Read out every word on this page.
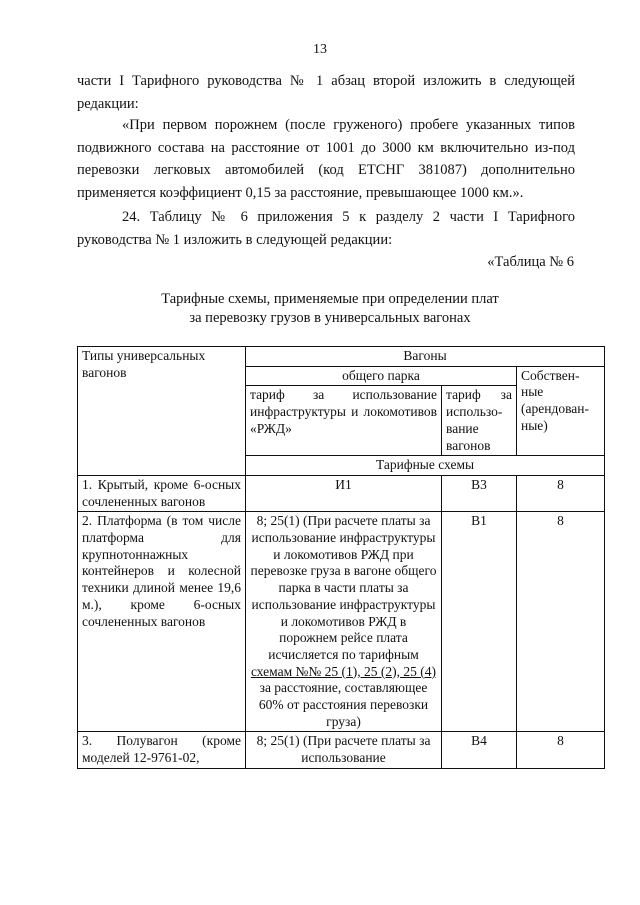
13
части I Тарифного руководства № 1 абзац второй изложить в следующей
редакции:
«При первом порожнем (после груженого) пробеге указанных типов
подвижного состава на расстояние от 1001 до 3000 км включительно из-под
перевозки легковых автомобилей (код ЕТСНГ 381087) дополнительно
применяется коэффициент 0,15 за расстояние, превышающее 1000 км.».
24. Таблицу № 6 приложения 5 к разделу 2 части I Тарифного
руководства № 1 изложить в следующей редакции:
«Таблица № 6
Тарифные схемы, применяемые при определении плат
за перевозку грузов в универсальных вагонах
Типы универсальных вагонов	Вагоны		
	общего парка		Собствен-ные (арендован-ные)
	тариф за использование инфраструктуры и локомотивов «РЖД»	тариф за использо-вание вагонов	
	Тарифные схемы		
1. Крытый, кроме 6-осных сочлененных вагонов	И1	В3	8
2. Платформа (в том числе платформа для крупнотоннажных контейнеров и колесной техники длиной менее 19,6 м.), кроме 6-осных сочлененных вагонов	8; 25(1) (При расчете платы за использование инфраструктуры и локомотивов РЖД при перевозке груза в вагоне общего парка в части платы за использование инфраструктуры и локомотивов РЖД в порожнем рейсе плата исчисляется по тарифным схемам №№ 25 (1), 25 (2), 25 (4) за расстояние, составляющее 60% от расстояния перевозки груза)	В1	8
3. Полувагон (кроме моделей 12-9761-02,	8; 25(1) (При расчете платы за использование	В4	8
